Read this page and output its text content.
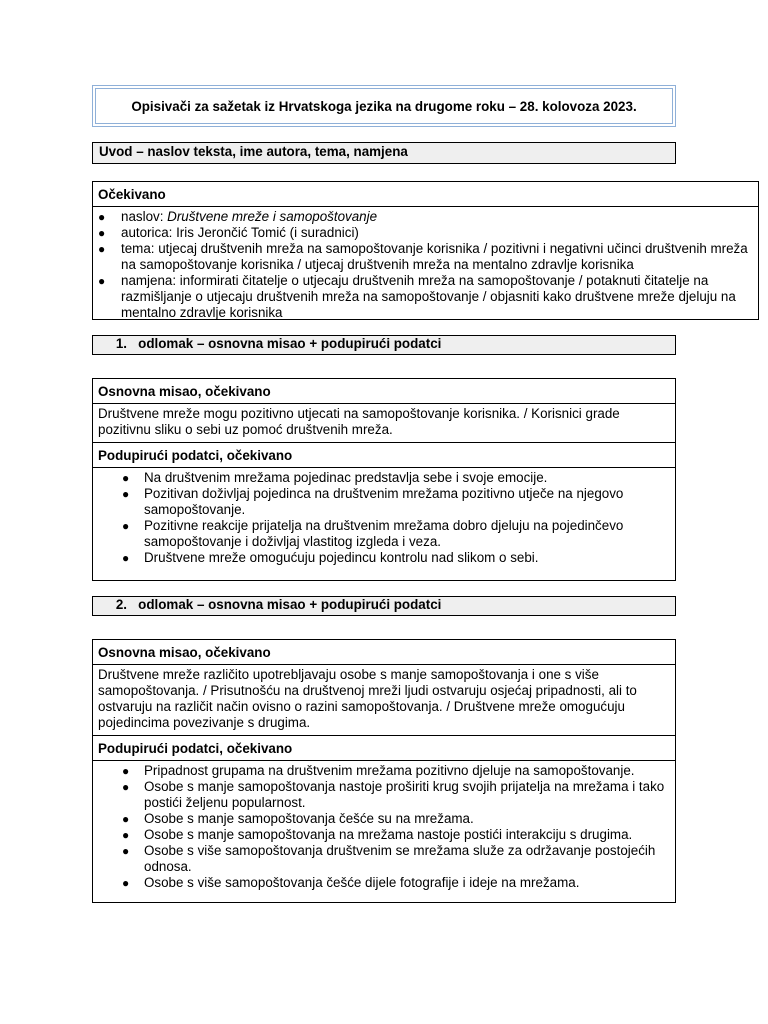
Opisivači za sažetak iz Hrvatskoga jezika na drugome roku – 28. kolovoza 2023.
Uvod – naslov teksta, ime autora, tema, namjena
Očekivano
● naslov: Društvene mreže i samopoštovanje
● autorica: Iris Jerončić Tomić (i suradnici)
● tema: utjecaj društvenih mreža na samopoštovanje korisnika / pozitivni i negativni učinci društvenih mreža na samopoštovanje korisnika / utjecaj društvenih mreža na mentalno zdravlje korisnika
● namjena: informirati čitatelje o utjecaju društvenih mreža na samopoštovanje / potaknuti čitatelje na razmišljanje o utjecaju društvenih mreža na samopoštovanje / objasniti kako društvene mreže djeluju na mentalno zdravlje korisnika
1. odlomak – osnovna misao + podupirući podatci
Osnovna misao, očekivano
Društvene mreže mogu pozitivno utjecati na samopoštovanje korisnika. / Korisnici grade pozitivnu sliku o sebi uz pomoć društvenih mreža.
Podupirući podatci, očekivano
● Na društvenim mrežama pojedinac predstavlja sebe i svoje emocije.
● Pozitivan doživljaj pojedinca na društvenim mrežama pozitivno utječe na njegovo samopoštovanje.
● Pozitivne reakcije prijatelja na društvenim mrežama dobro djeluju na pojedinčevo samopoštovanje i doživljaj vlastitog izgleda i veza.
● Društvene mreže omogućuju pojedincu kontrolu nad slikom o sebi.
2. odlomak – osnovna misao + podupirući podatci
Osnovna misao, očekivano
Društvene mreže različito upotrebljavaju osobe s manje samopoštovanja i one s više samopoštovanja. / Prisutnošću na društvenoj mreži ljudi ostvaruju osjećaj pripadnosti, ali to ostvaruju na različit način ovisno o razini samopoštovanja. / Društvene mreže omogućuju pojedincima povezivanje s drugima.
Podupirući podatci, očekivano
● Pripadnost grupama na društvenim mrežama pozitivno djeluje na samopoštovanje.
● Osobe s manje samopoštovanja nastoje proširiti krug svojih prijatelja na mrežama i tako postići željenu popularnost.
● Osobe s manje samopoštovanja češće su na mrežama.
● Osobe s manje samopoštovanja na mrežama nastoje postići interakciju s drugima.
● Osobe s više samopoštovanja društvenim se mrežama služe za održavanje postojećih odnosa.
● Osobe s više samopoštovanja češće dijele fotografije i ideje na mrežama.
